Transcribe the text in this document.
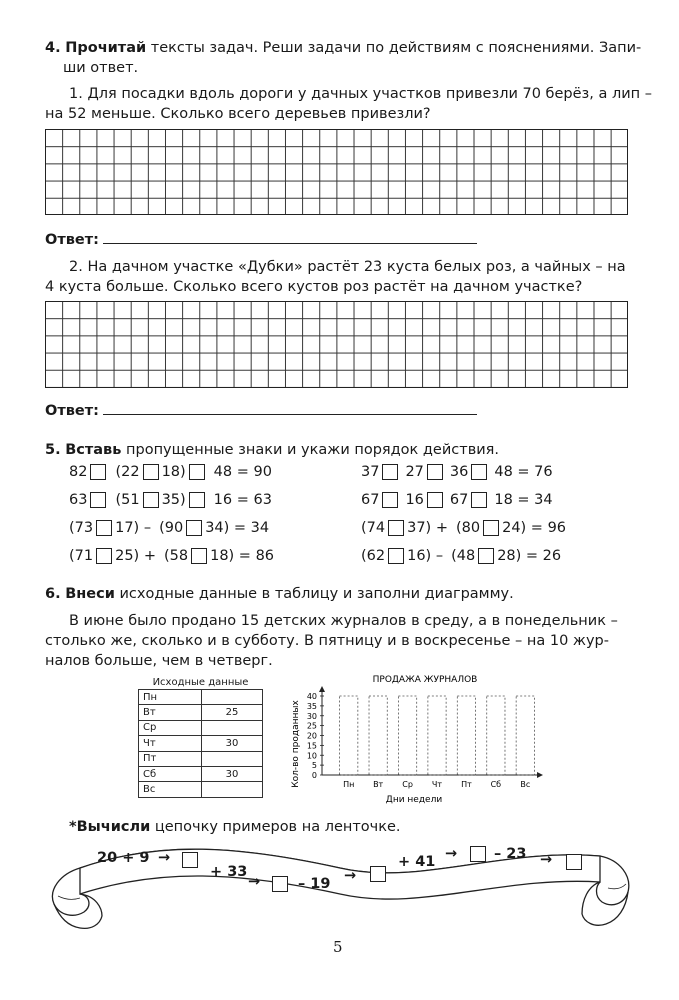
4. Прочитай тексты задач. Реши задачи по действиям с пояснениями. Запи-
ши ответ.
1. Для посадки вдоль дороги у дачных участков привезли 70 берёз, а лип –
на 52 меньше. Сколько всего деревьев привезли?
Ответ:
2. На дачном участке «Дубки» растёт 23 куста белых роз, а чайных – на
4 куста больше. Сколько всего кустов роз растёт на дачном участке?
Ответ:
5. Вставь пропущенные знаки и укажи порядок действия.
82 (22 18) 48 = 90
63 (51 35) 16 = 63
(73 17) – (90 34) = 34
(71 25) + (58 18) = 86
37 27 36 48 = 76
67 16 67 18 = 34
(74 37) + (80 24) = 96
(62 16) – (48 28) = 26
6. Внеси исходные данные в таблицу и заполни диаграмму.
В июне было продано 15 детских журналов в среду, а в понедельник –
столько же, сколько и в субботу. В пятницу и в воскресенье – на 10 жур-
налов больше, чем в четверг.
Исходные данные	
Пн	
Вт	25
Ср	
Чт	30
Пт	
Сб	30
Вс	
ПРОДАЖА ЖУРНАЛОВ
Кол-во проданных
Дни недели
0
5
10
15
20
25
30
35
40
Пн Вт Ср Чт Пт Сб Вс
*Вычисли цепочку примеров на ленточке.
20 + 9 →
+ 33
→	– 19 →
+ 41 →	– 23 →
5
